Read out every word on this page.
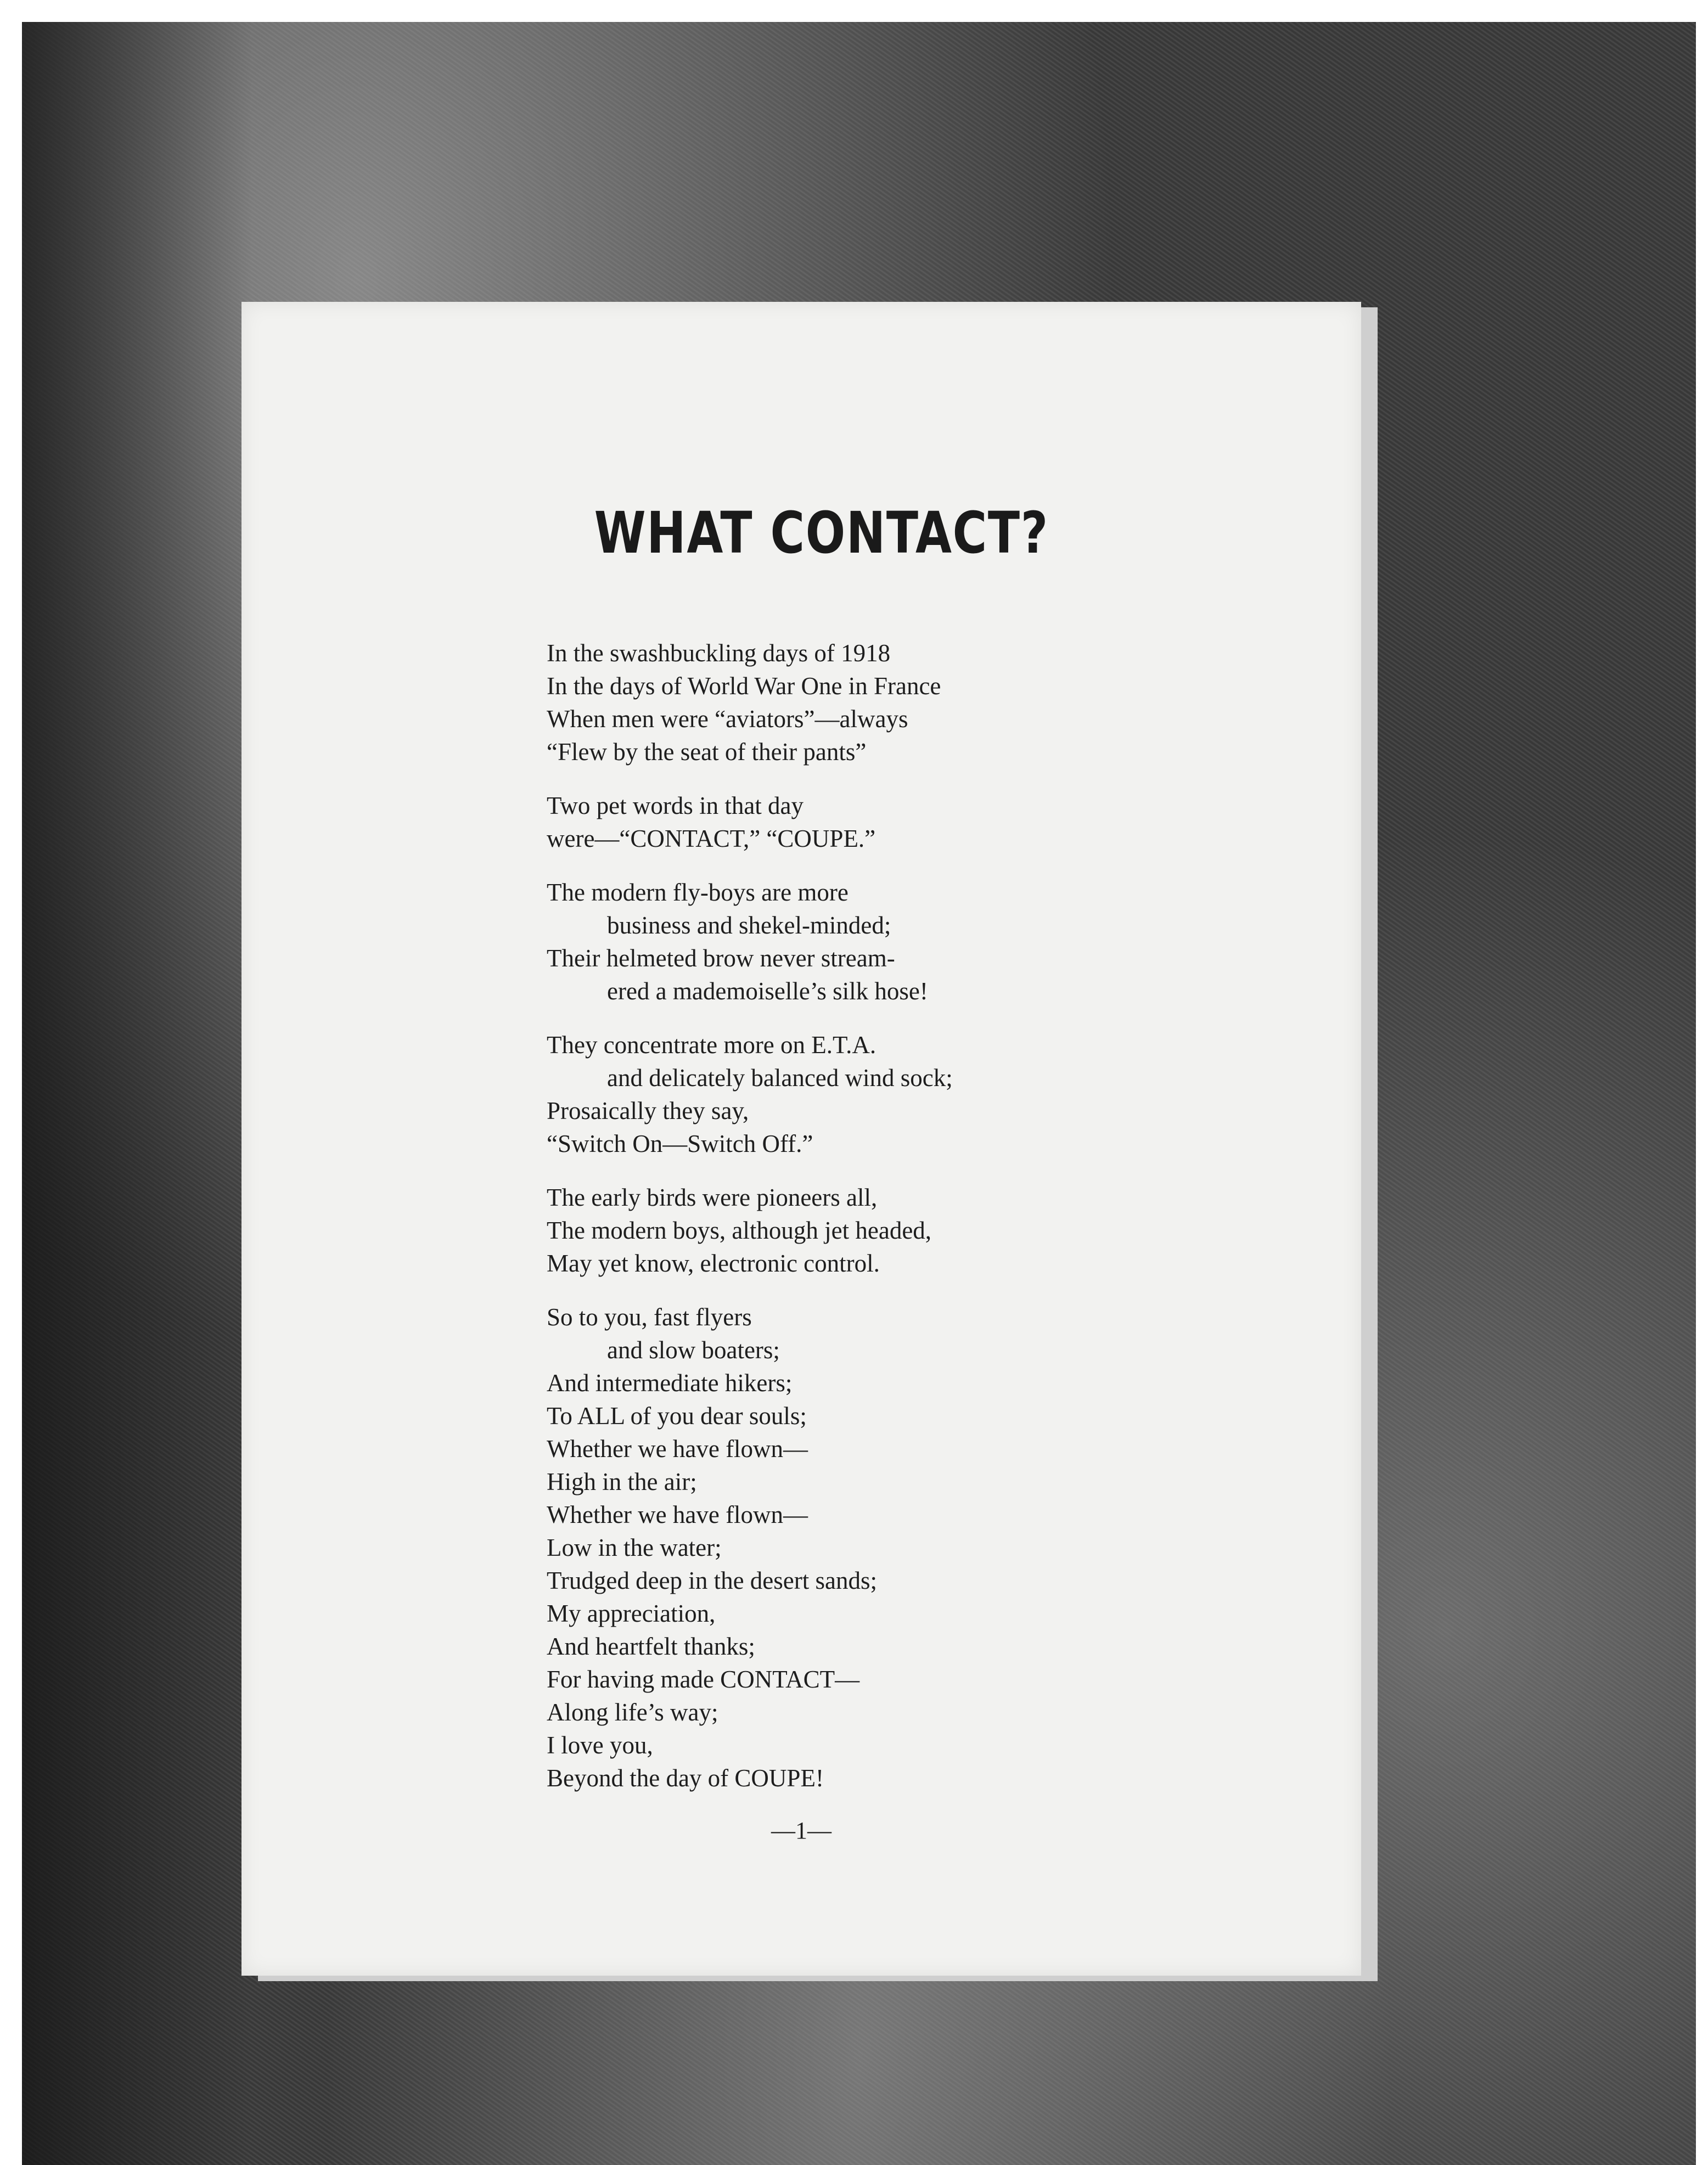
WHAT CONTACT?
In the swashbuckling days of 1918
In the days of World War One in France
When men were “aviators”—always
“Flew by the seat of their pants”
Two pet words in that day
were—“CONTACT,” “COUPE.”
The modern fly-boys are more
business and shekel-minded;
Their helmeted brow never stream-
ered a mademoiselle’s silk hose!
They concentrate more on E.T.A.
and delicately balanced wind sock;
Prosaically they say,
“Switch On—Switch Off.”
The early birds were pioneers all,
The modern boys, although jet headed,
May yet know, electronic control.
So to you, fast flyers
and slow boaters;
And intermediate hikers;
To ALL of you dear souls;
Whether we have flown—
High in the air;
Whether we have flown—
Low in the water;
Trudged deep in the desert sands;
My appreciation,
And heartfelt thanks;
For having made CONTACT—
Along life’s way;
I love you,
Beyond the day of COUPE!
—1—
